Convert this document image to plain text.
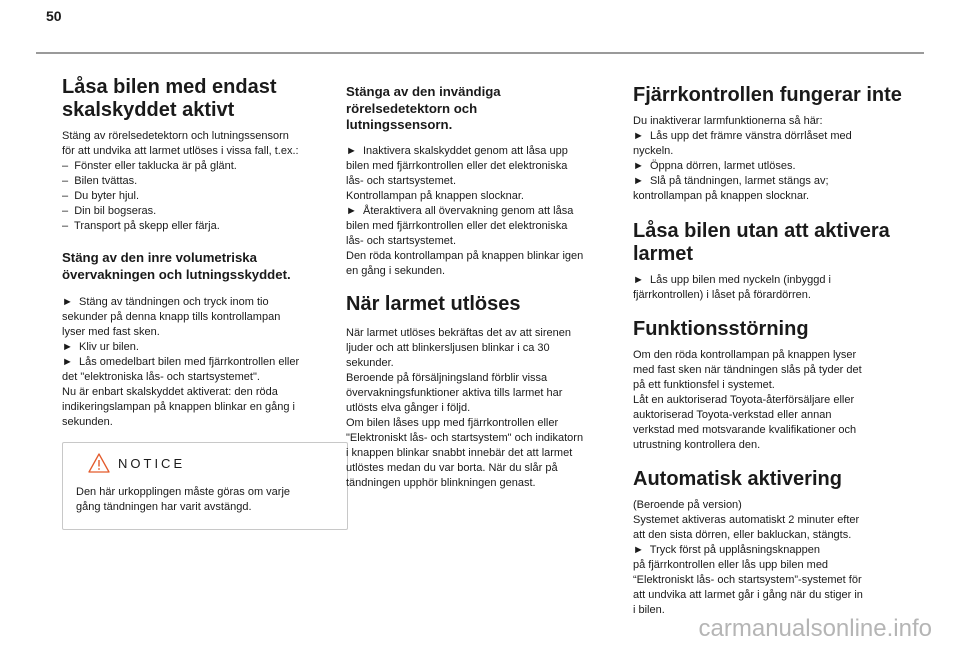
50
Låsa bilen med endast
skalskyddet aktivt

Stäng av rörelsedetektorn och lutningssensorn
för att undvika att larmet utlöses i vissa fall, t.ex.:
–  Fönster eller taklucka är på glänt.
–  Bilen tvättas.
–  Du byter hjul.
–  Din bil bogseras.
–  Transport på skepp eller färja.

Stäng av den inre volumetriska
övervakningen och lutningsskyddet.

►  Stäng av tändningen och tryck inom tio
sekunder på denna knapp tills kontrollampan
lyser med fast sken.
►  Kliv ur bilen.
►  Lås omedelbart bilen med fjärrkontrollen eller
det "elektroniska lås- och startsystemet".
Nu är enbart skalskyddet aktiverat: den röda
indikeringslampan på knappen blinkar en gång i
sekunden.

NOTICE

Den här urkopplingen måste göras om varje
gång tändningen har varit avstängd.

Stänga av den invändiga
rörelsedetektorn och
lutningssensorn.

►  Inaktivera skalskyddet genom att låsa upp
bilen med fjärrkontrollen eller det elektroniska
lås- och startsystemet.
Kontrollampan på knappen slocknar.
►  Återaktivera all övervakning genom att låsa
bilen med fjärrkontrollen eller det elektroniska
lås- och startsystemet.
Den röda kontrollampan på knappen blinkar igen
en gång i sekunden.

När larmet utlöses

När larmet utlöses bekräftas det av att sirenen
ljuder och att blinkersljusen blinkar i ca 30
sekunder.
Beroende på försäljningsland förblir vissa
övervakningsfunktioner aktiva tills larmet har
utlösts elva gånger i följd.
Om bilen låses upp med fjärrkontrollen eller
"Elektroniskt lås- och startsystem" och indikatorn
i knappen blinkar snabbt innebär det att larmet
utlöstes medan du var borta. När du slår på
tändningen upphör blinkningen genast.

Fjärrkontrollen fungerar inte

Du inaktiverar larmfunktionerna så här:
►  Lås upp det främre vänstra dörrlåset med
nyckeln.
►  Öppna dörren, larmet utlöses.
►  Slå på tändningen, larmet stängs av;
kontrollampan på knappen slocknar.

Låsa bilen utan att aktivera
larmet

►  Lås upp bilen med nyckeln (inbyggd i
fjärrkontrollen) i låset på förardörren.

Funktionsstörning

Om den röda kontrollampan på knappen lyser
med fast sken när tändningen slås på tyder det
på ett funktionsfel i systemet.
Låt en auktoriserad Toyota-återförsäljare eller
auktoriserad Toyota-verkstad eller annan
verkstad med motsvarande kvalifikationer och
utrustning kontrollera den.

Automatisk aktivering

(Beroende på version)
Systemet aktiveras automatiskt 2 minuter efter
att den sista dörren, eller bakluckan, stängts.
►  Tryck först på upplåsningsknappen
på fjärrkontrollen eller lås upp bilen med
“Elektroniskt lås- och startsystem”-systemet för
att undvika att larmet går i gång när du stiger in
i bilen.

carmanualsonline.info
